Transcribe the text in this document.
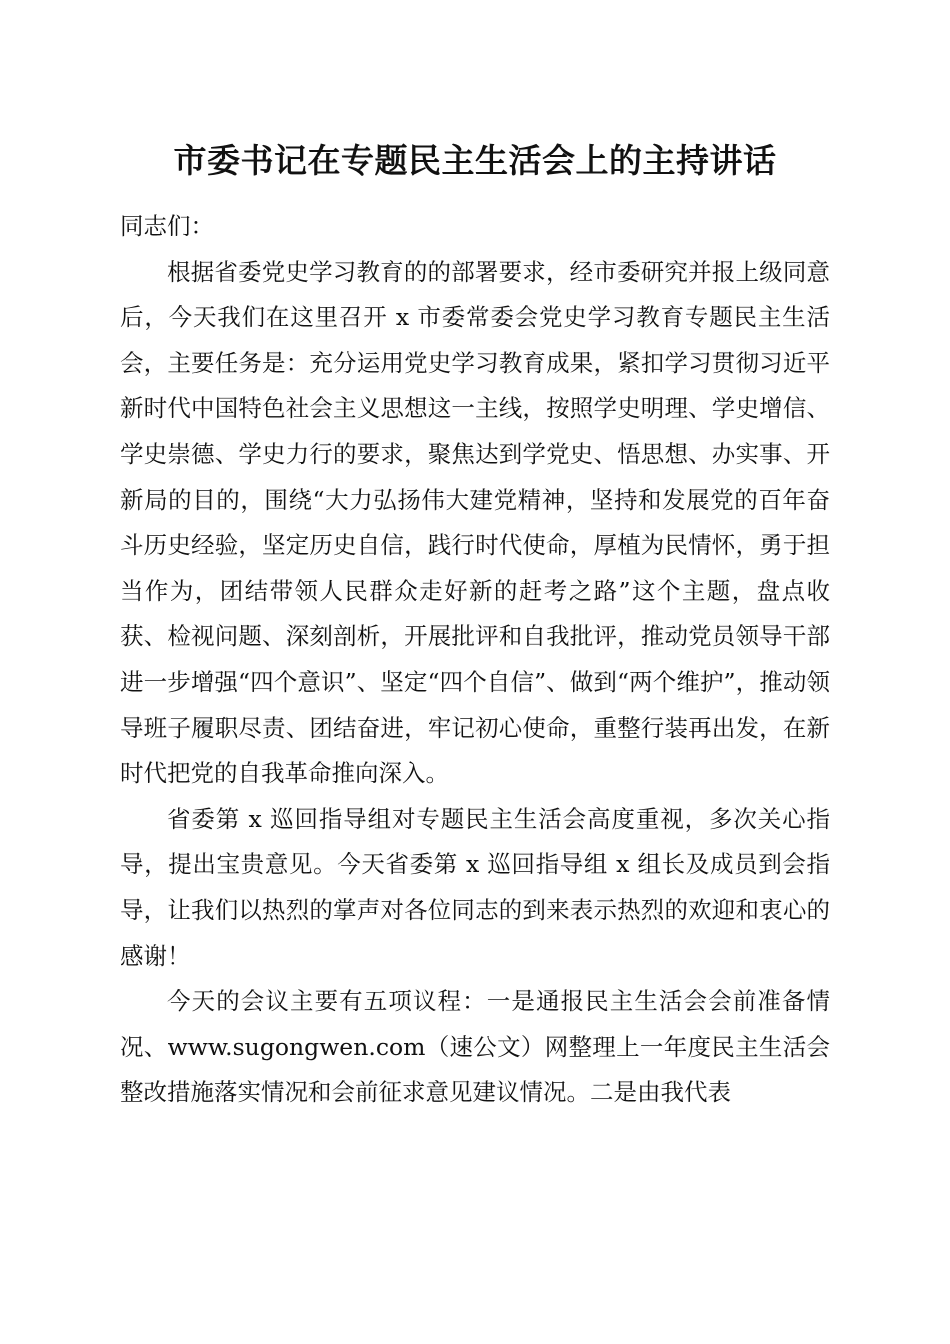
市委书记在专题民主生活会上的主持讲话

同志们：

根据省委党史学习教育的的部署要求，经市委研究并报上级同意后，今天我们在这里召开 x 市委常委会党史学习教育专题民主生活会，主要任务是：充分运用党史学习教育成果，紧扣学习贯彻习近平新时代中国特色社会主义思想这一主线，按照学史明理、学史增信、学史崇德、学史力行的要求，聚焦达到学党史、悟思想、办实事、开新局的目的，围绕“大力弘扬伟大建党精神，坚持和发展党的百年奋斗历史经验，坚定历史自信，践行时代使命，厚植为民情怀，勇于担当作为，团结带领人民群众走好新的赶考之路”这个主题，盘点收获、检视问题、深刻剖析，开展批评和自我批评，推动党员领导干部进一步增强“四个意识”、坚定“四个自信”、做到“两个维护”，推动领导班子履职尽责、团结奋进，牢记初心使命，重整行装再出发，在新时代把党的自我革命推向深入。

省委第 x 巡回指导组对专题民主生活会高度重视，多次关心指导，提出宝贵意见。今天省委第 x 巡回指导组 x 组长及成员到会指导，让我们以热烈的掌声对各位同志的到来表示热烈的欢迎和衷心的感谢！

今天的会议主要有五项议程：一是通报民主生活会会前准备情况、www.sugongwen.com（速公文）网整理上一年度民主生活会整改措施落实情况和会前征求意见建议情况。二是由我代表
